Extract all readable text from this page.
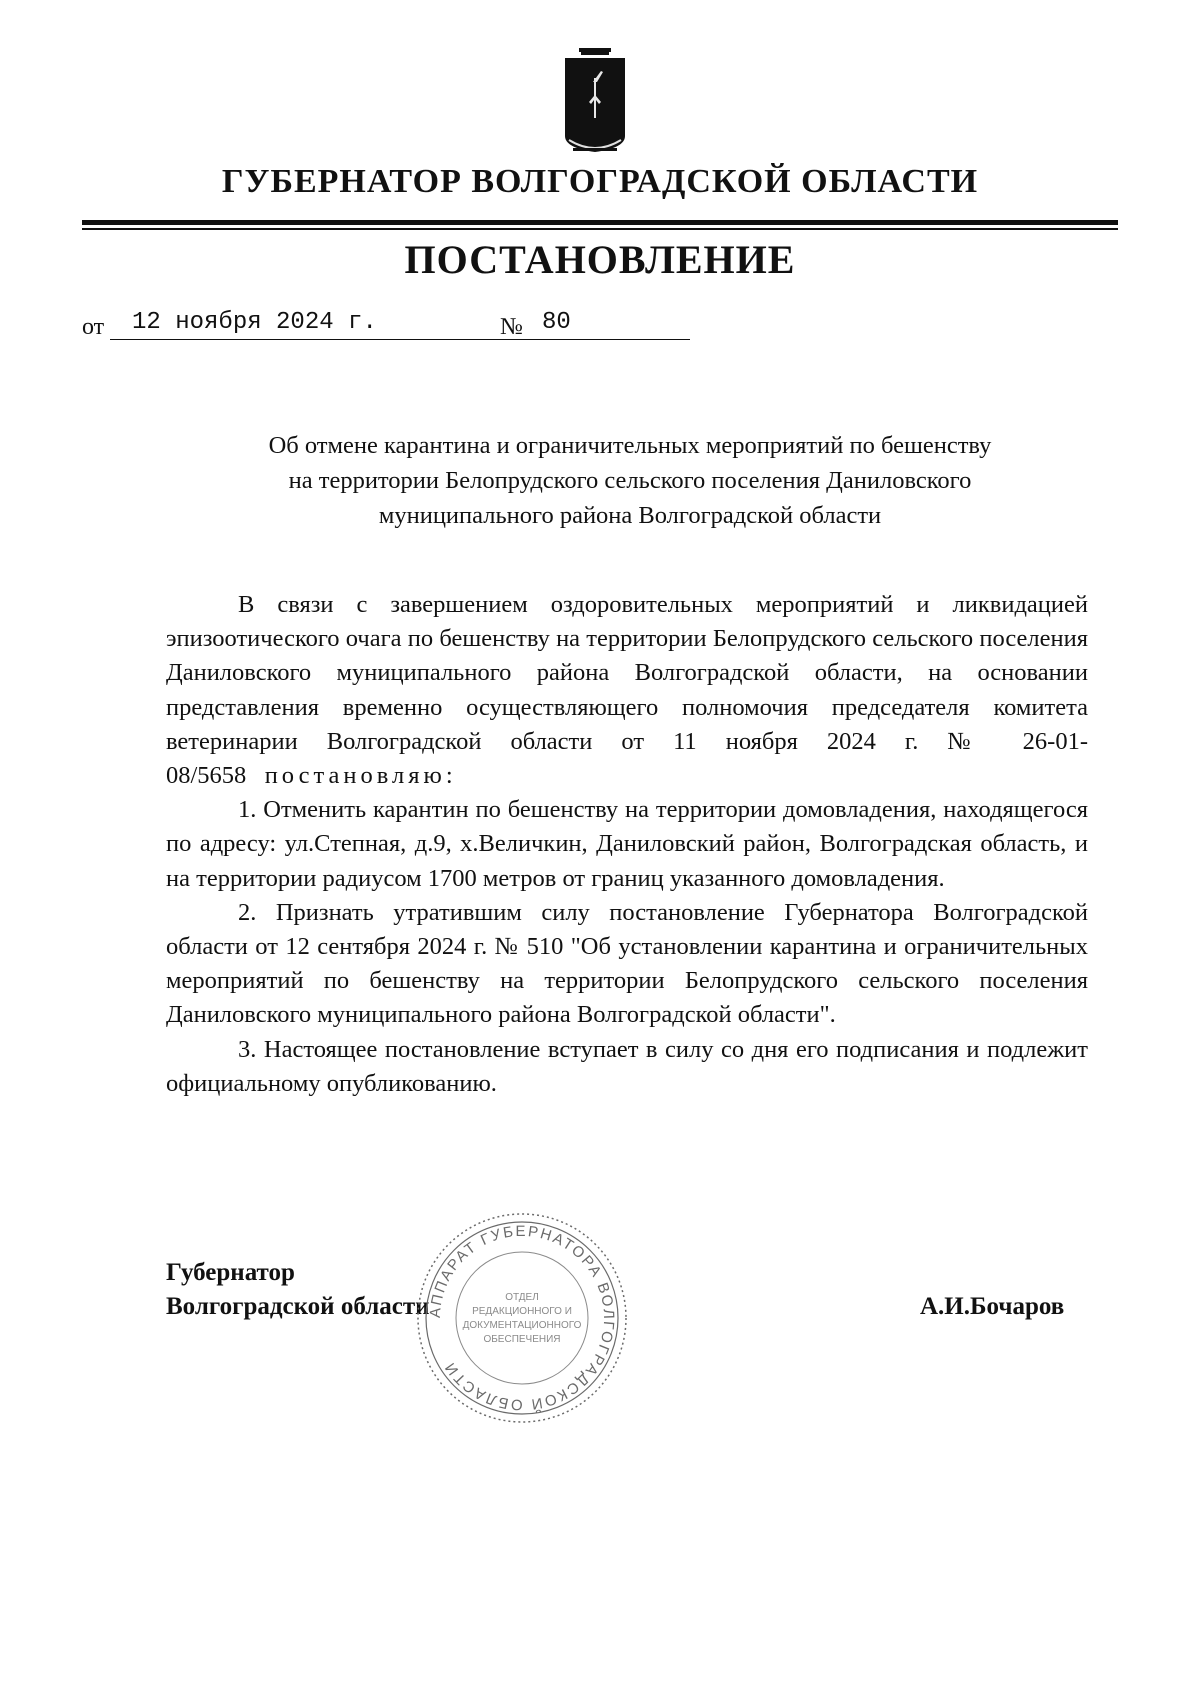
ГУБЕРНАТОР ВОЛГОГРАДСКОЙ ОБЛАСТИ
ПОСТАНОВЛЕНИЕ
от	12 ноября 2024 г.	№ 80
Об отмене карантина и ограничительных мероприятий по бешенству
на территории Белопрудского сельского поселения Даниловского
муниципального района Волгоградской области

В связи с завершением оздоровительных мероприятий и ликвидацией эпизоотического очага по бешенству на территории Белопрудского сельского поселения Даниловского муниципального района Волгоградской области, на основании представления временно осуществляющего полномочия председателя комитета ветеринарии Волгоградской области от 11 ноября 2024 г. № 26-01-08/5658 постановляю:

1. Отменить карантин по бешенству на территории домовладения, находящегося по адресу: ул.Степная, д.9, х.Величкин, Даниловский район, Волгоградская область, и на территории радиусом 1700 метров от границ указанного домовладения.

2. Признать утратившим силу постановление Губернатора Волгоградской области от 12 сентября 2024 г. № 510 "Об установлении карантина и ограничительных мероприятий по бешенству на территории Белопрудского сельского поселения Даниловского муниципального района Волгоградской области".

3. Настоящее постановление вступает в силу со дня его подписания и подлежит официальному опубликованию.

Губернатор
Волгоградской области	А.И.Бочаров
АППАРАТ ГУБЕРНАТОРА ВОЛГОГРАДСКОЙ ОБЛАСТИ
ОТДЕЛ
РЕДАКЦИОННОГО И
ДОКУМЕНТАЦИОННОГО
ОБЕСПЕЧЕНИЯ
